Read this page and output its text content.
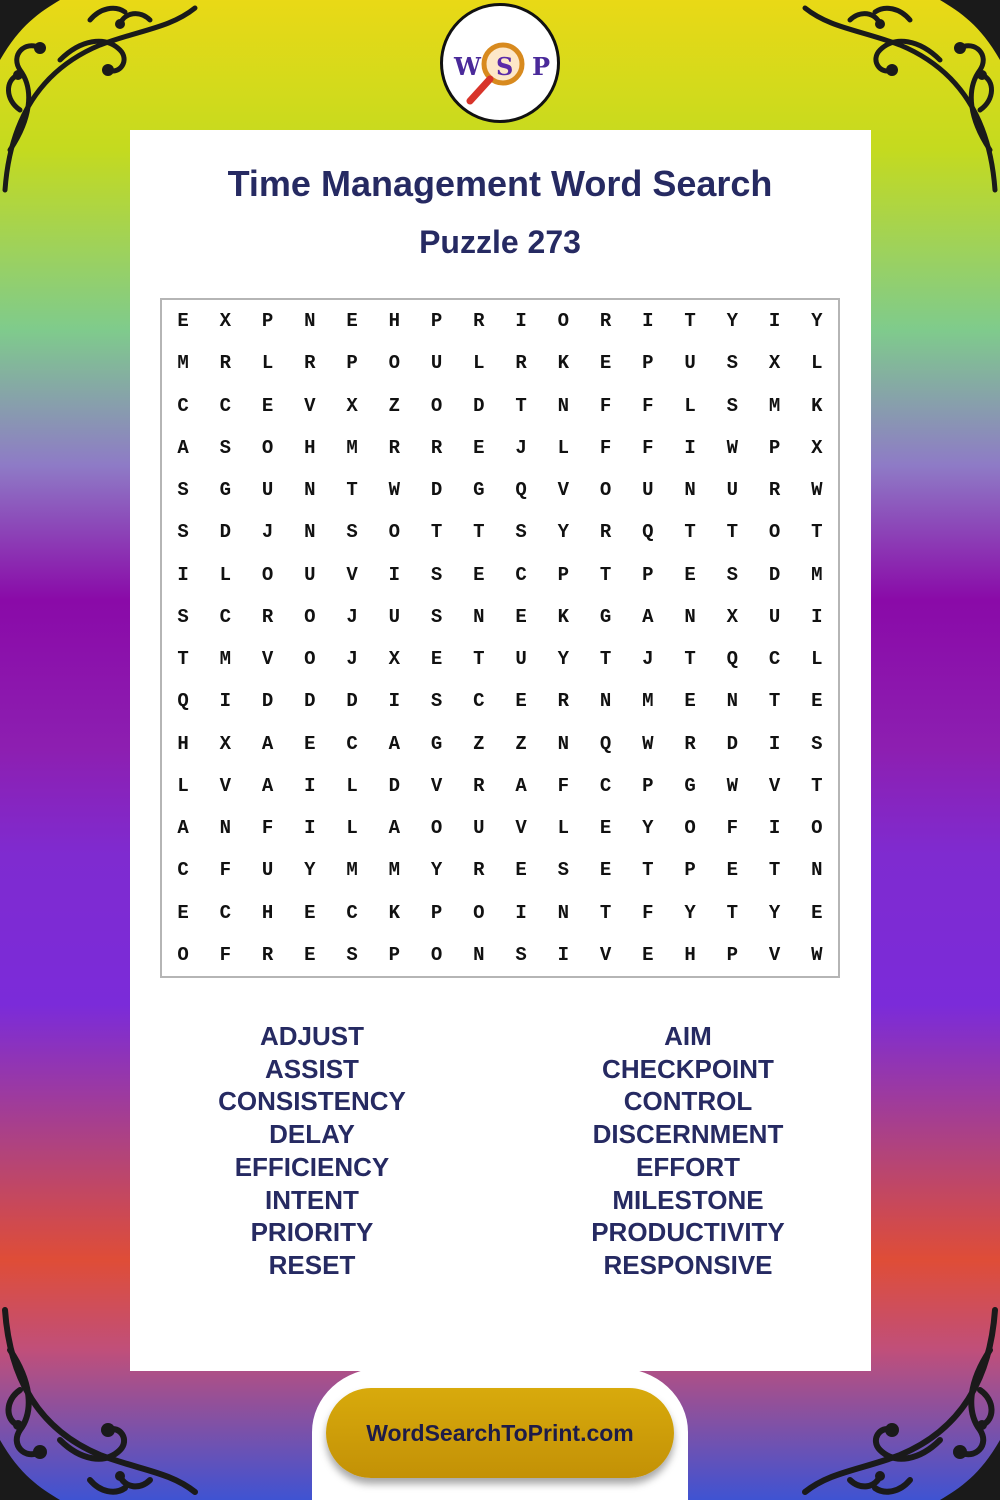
W S P
Time Management Word Search
Puzzle 273
E	X	P	N	E	H	P	R	I	O	R	I	T	Y	I	Y
M	R	L	R	P	O	U	L	R	K	E	P	U	S	X	L
C	C	E	V	X	Z	O	D	T	N	F	F	L	S	M	K
A	S	O	H	M	R	R	E	J	L	F	F	I	W	P	X
S	G	U	N	T	W	D	G	Q	V	O	U	N	U	R	W
S	D	J	N	S	O	T	T	S	Y	R	Q	T	T	O	T
I	L	O	U	V	I	S	E	C	P	T	P	E	S	D	M
S	C	R	O	J	U	S	N	E	K	G	A	N	X	U	I
T	M	V	O	J	X	E	T	U	Y	T	J	T	Q	C	L
Q	I	D	D	D	I	S	C	E	R	N	M	E	N	T	E
H	X	A	E	C	A	G	Z	Z	N	Q	W	R	D	I	S
L	V	A	I	L	D	V	R	A	F	C	P	G	W	V	T
A	N	F	I	L	A	O	U	V	L	E	Y	O	F	I	O
C	F	U	Y	M	M	Y	R	E	S	E	T	P	E	T	N
E	C	H	E	C	K	P	O	I	N	T	F	Y	T	Y	E
O	F	R	E	S	P	O	N	S	I	V	E	H	P	V	W
ADJUST
ASSIST
CONSISTENCY
DELAY
EFFICIENCY
INTENT
PRIORITY
RESET
AIM
CHECKPOINT
CONTROL
DISCERNMENT
EFFORT
MILESTONE
PRODUCTIVITY
RESPONSIVE
WordSearchToPrint.com
